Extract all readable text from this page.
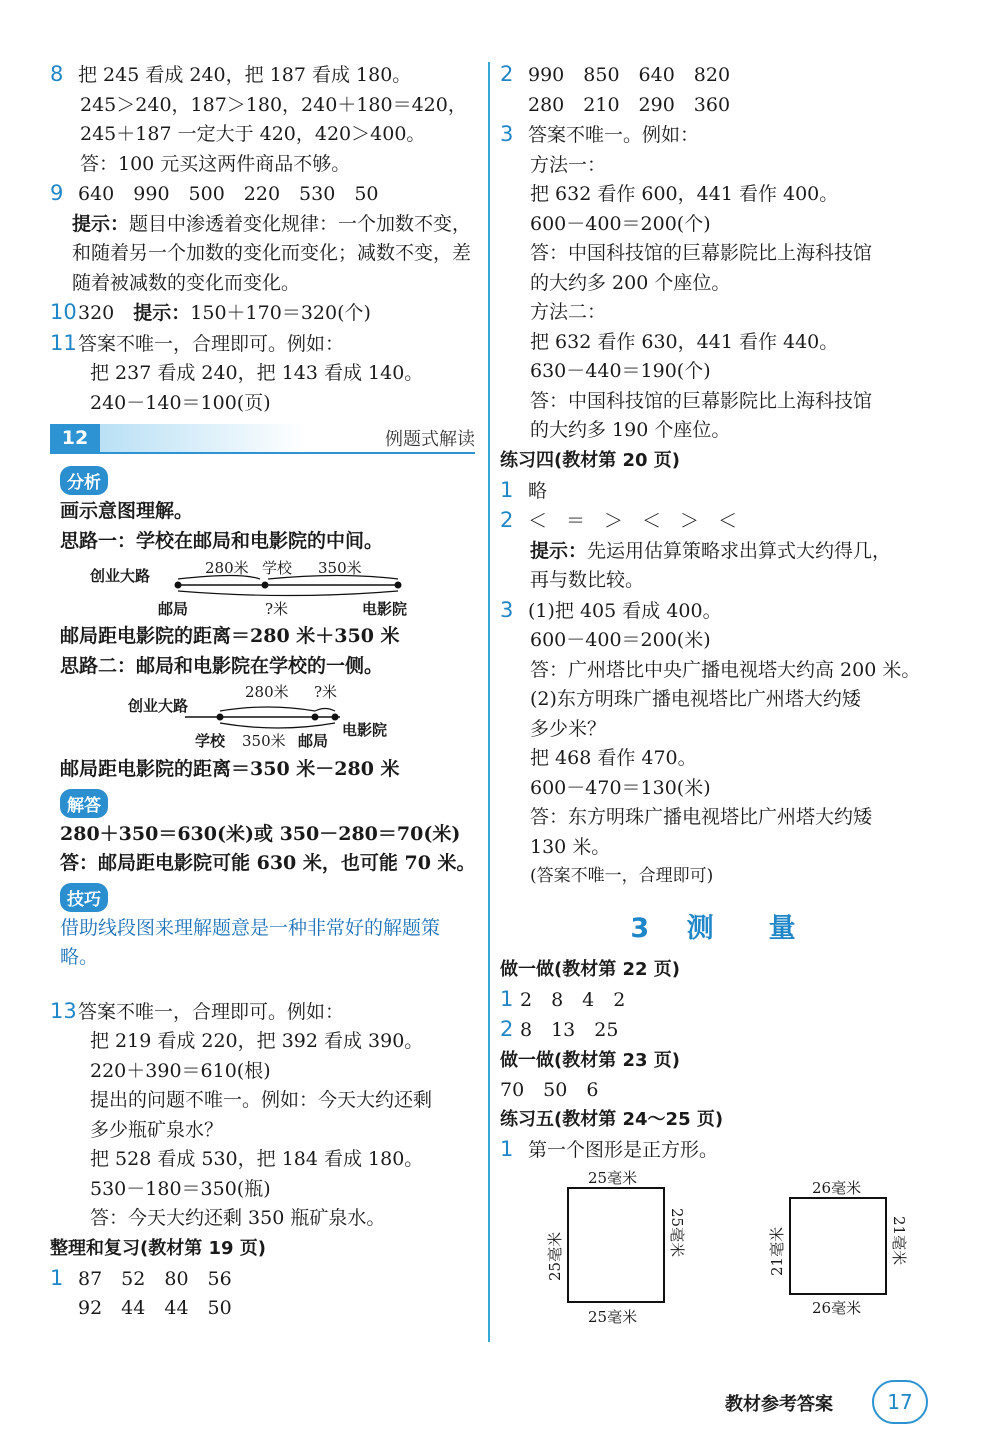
8 把 245 看成 240，把 187 看成 180。
245＞240，187＞180，240＋180＝420，
245＋187 一定大于 420，420＞400。
答：100 元买这两件商品不够。
9 640　990　500　220　530　50
提示：题目中渗透着变化规律：一个加数不变，和随着另一个加数的变化而变化；减数不变，差随着被减数的变化而变化。
10320　 提示：150＋170＝320(个)
11答案不唯一，合理即可。例如：
把 237 看成 240，把 143 看成 140。
240－140＝100(页)
12	例题式解读
分析
画示意图理解。
思路一：学校在邮局和电影院的中间。
创业大路	280米 学校 350米
邮局	?米	电影院
邮局距电影院的距离＝280 米＋350 米
思路二：邮局和电影院在学校的一侧。
创业大路
280米 ?米
学校 350米 邮局
电影院
邮局距电影院的距离＝350 米－280 米
解答
280＋350＝630(米)或 350－280＝70(米)
答：邮局距电影院可能 630 米，也可能 70 米。
技巧
借助线段图来理解题意是一种非常好的解题策略。
13答案不唯一，合理即可。例如：
把 219 看成 220，把 392 看成 390。
220＋390＝610(根)
提出的问题不唯一。例如：今天大约还剩
多少瓶矿泉水？
把 528 看成 530，把 184 看成 180。
530－180＝350(瓶)
答：今天大约还剩 350 瓶矿泉水。
整理和复习(教材第 19 页)
1 87　52　80　56
92　44　44　50
2 990　850　640　820
280　210　290　360
3 答案不唯一。例如：
方法一：
把 632 看作 600，441 看作 400。
600－400＝200(个)
答：中国科技馆的巨幕影院比上海科技馆
的大约多 200 个座位。
方法二：
把 632 看作 630，441 看作 440。
630－440＝190(个)
答：中国科技馆的巨幕影院比上海科技馆
的大约多 190 个座位。
练习四(教材第 20 页)
1 略
2 ＜　＝　＞　＜　＞　＜
提示：先运用估算策略求出算式大约得几，
再与数比较。
3 (1)把 405 看成 400。
600－400＝200(米)
答：广州塔比中央广播电视塔大约高 200 米。
(2)东方明珠广播电视塔比广州塔大约矮
多少米？
把 468 看作 470。
600－470＝130(米)
答：东方明珠广播电视塔比广州塔大约矮
130 米。
(答案不唯一，合理即可)
3 测　量
做一做(教材第 22 页)
1 2　8　4　2
2 8　13　25
做一做(教材第 23 页)
70　50　6
练习五(教材第 24～25 页)
1 第一个图形是正方形。
25毫米
25毫米
25毫米	25毫米
26毫米
26毫米
21毫米	21毫米
教材参考答案	17
